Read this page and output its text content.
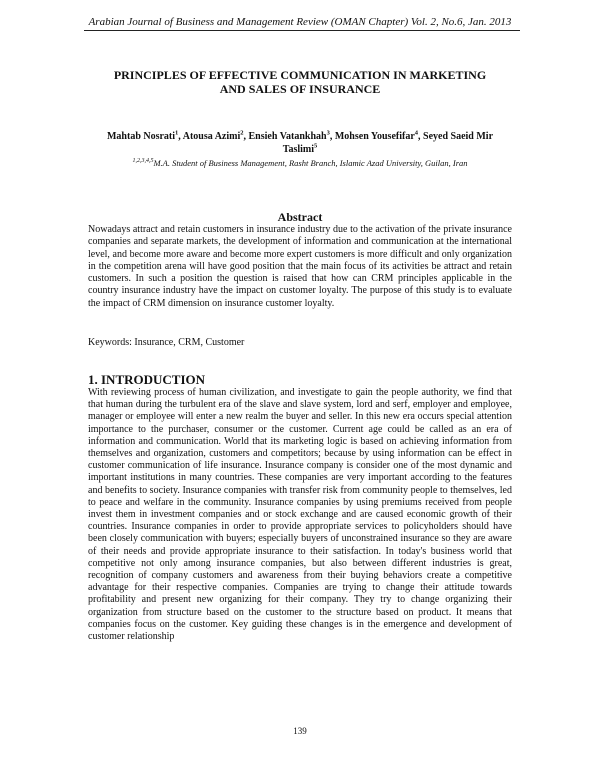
Arabian Journal of Business and Management Review (OMAN Chapter) Vol. 2, No.6, Jan. 2013
PRINCIPLES OF EFFECTIVE COMMUNICATION IN MARKETING
AND SALES OF INSURANCE
Mahtab Nosrati$^1$, Atousa Azimi$^2$, Ensieh Vatankhah$^3$, Mohsen Yousefifar$^4$, Seyed Saeid Mir Taslimi$^5$
$^{1,2,3,4,5}$M.A. Student of Business Management, Rasht Branch, Islamic Azad University, Guilan, Iran
Abstract
Nowadays attract and retain customers in insurance industry due to the activation of the private insurance companies and separate markets, the development of information and communication at the international level, and become more aware and become more expert customers is more difficult and only organization in the competition arena will have good position that the main focus of its activities be attract and retain customers. In such a position the question is raised that how can CRM principles applicable in the country insurance industry have the impact on customer loyalty. The purpose of this study is to evaluate the impact of CRM dimension on insurance customer loyalty.
Keywords: Insurance, CRM, Customer
1. INTRODUCTION
With reviewing process of human civilization, and investigate to gain the people authority, we find that that human during the turbulent era of the slave and slave system, lord and serf, employer and employee, manager or employee will enter a new realm the buyer and seller. In this new era occurs special attention importance to the purchaser, consumer or the customer. Current age could be called as an era of information and communication. World that its marketing logic is based on achieving information from themselves and organization, customers and competitors; because by using information can be effect in customer communication of life insurance. Insurance company is consider one of the most dynamic and important institutions in many countries. These companies are very important according to the features and benefits to society. Insurance companies with transfer risk from community people to themselves, led to peace and welfare in the community. Insurance companies by using premiums received from people invest them in investment companies and or stock exchange and are caused economic growth of their countries. Insurance companies in order to provide appropriate services to policyholders should have been closely communication with buyers; especially buyers of unconstrained insurance so they are aware of their needs and provide appropriate insurance to their satisfaction. In today's business world that competitive not only among insurance companies, but also between different industries is great, recognition of company customers and awareness from their buying behaviors create a competitive advantage for their respective companies. Companies are trying to change their attitude towards profitability and present new organizing for their company. They try to change organizing their organization from structure based on the customer to the structure based on product. It means that companies focus on the customer. Key guiding these changes is in the emergence and development of customer relationship
139
